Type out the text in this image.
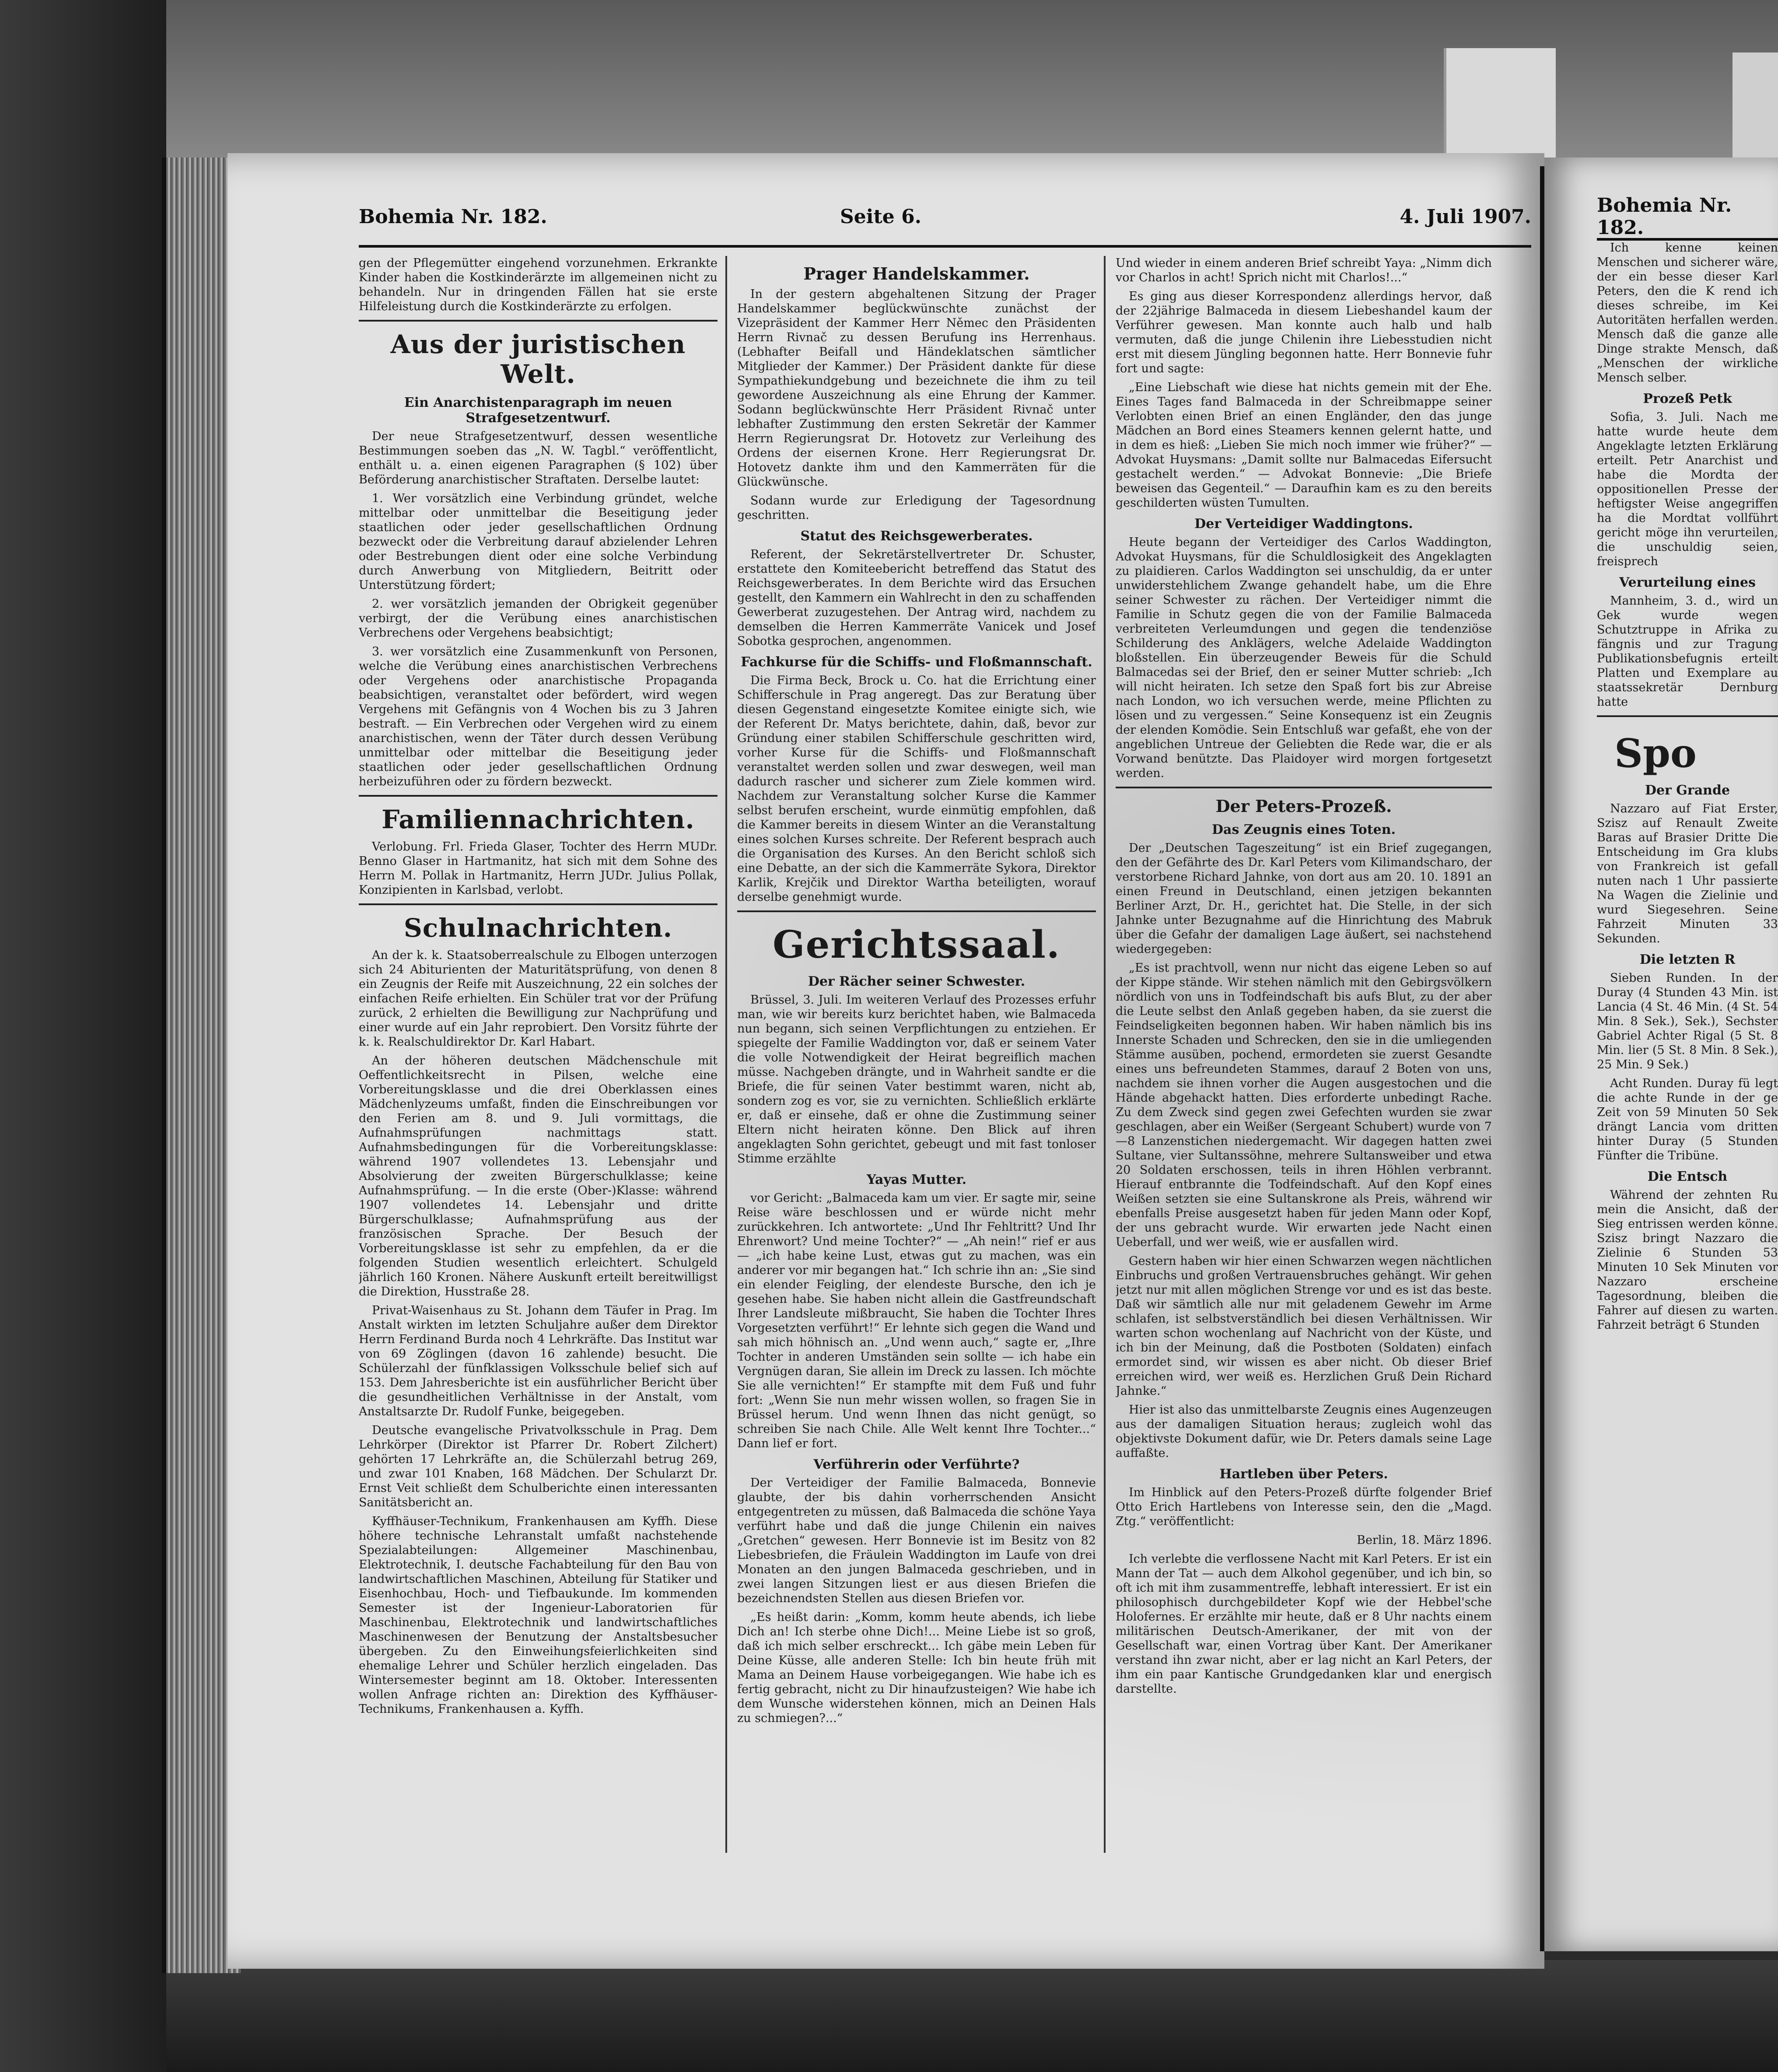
Bohemia Nr. 182.	Seite 6.	4. Juli 1907.

gen der Pflegemütter eingehend vorzunehmen. Erkrankte Kinder haben die Kostkinderärzte im allgemeinen nicht zu behandeln. Nur in dringenden Fällen hat sie erste Hilfeleistung durch die Kostkinderärzte zu erfolgen.

Aus der juristischen Welt.
Ein Anarchistenparagraph im neuen Strafgesetzentwurf.

Der neue Strafgesetzentwurf, dessen wesentliche Bestimmungen soeben das „N. W. Tagbl.“ veröffentlicht, enthält u. a. einen eigenen Paragraphen (§ 102) über Beförderung anarchistischer Straftaten. Derselbe lautet:

1. Wer vorsätzlich eine Verbindung gründet, welche mittelbar oder unmittelbar die Beseitigung jeder staatlichen oder jeder gesellschaftlichen Ordnung bezweckt oder die Verbreitung darauf abzielender Lehren oder Bestrebungen dient oder eine solche Verbindung durch Anwerbung von Mitgliedern, Beitritt oder Unterstützung fördert;

2. wer vorsätzlich jemanden der Obrigkeit gegenüber verbirgt, der die Verübung eines anarchistischen Verbrechens oder Vergehens beabsichtigt;

3. wer vorsätzlich eine Zusammenkunft von Personen, welche die Verübung eines anarchistischen Verbrechens oder Vergehens oder anarchistische Propaganda beabsichtigen, veranstaltet oder befördert, wird wegen Vergehens mit Gefängnis von 4 Wochen bis zu 3 Jahren bestraft. — Ein Verbrechen oder Vergehen wird zu einem anarchistischen, wenn der Täter durch dessen Verübung unmittelbar oder mittelbar die Beseitigung jeder staatlichen oder jeder gesellschaftlichen Ordnung herbeizuführen oder zu fördern bezweckt.

Familiennachrichten.

Verlobung. Frl. Frieda Glaser, Tochter des Herrn MUDr. Benno Glaser in Hartmanitz, hat sich mit dem Sohne des Herrn M. Pollak in Hartmanitz, Herrn JUDr. Julius Pollak, Konzipienten in Karlsbad, verlobt.

Schulnachrichten.

An der k. k. Staatsoberrealschule zu Elbogen unterzogen sich 24 Abiturienten der Maturitätsprüfung, von denen 8 ein Zeugnis der Reife mit Auszeichnung, 22 ein solches der einfachen Reife erhielten. Ein Schüler trat vor der Prüfung zurück, 2 erhielten die Bewilligung zur Nachprüfung und einer wurde auf ein Jahr reprobiert. Den Vorsitz führte der k. k. Realschuldirektor Dr. Karl Habart.

An der höheren deutschen Mädchenschule mit Oeffentlichkeitsrecht in Pilsen, welche eine Vorbereitungsklasse und die drei Oberklassen eines Mädchenlyzeums umfaßt, finden die Einschreibungen vor den Ferien am 8. und 9. Juli vormittags, die Aufnahmsprüfungen nachmittags statt. Aufnahmsbedingungen für die Vorbereitungsklasse: während 1907 vollendetes 13. Lebensjahr und Absolvierung der zweiten Bürgerschulklasse; keine Aufnahmsprüfung. — In die erste (Ober-)Klasse: während 1907 vollendetes 14. Lebensjahr und dritte Bürgerschulklasse; Aufnahmsprüfung aus der französischen Sprache. Der Besuch der Vorbereitungsklasse ist sehr zu empfehlen, da er die folgenden Studien wesentlich erleichtert. Schulgeld jährlich 160 Kronen. Nähere Auskunft erteilt bereitwilligst die Direktion, Husstraße 28.

Privat-Waisenhaus zu St. Johann dem Täufer in Prag. Im Anstalt wirkten im letzten Schuljahre außer dem Direktor Herrn Ferdinand Burda noch 4 Lehrkräfte. Das Institut war von 69 Zöglingen (davon 16 zahlende) besucht. Die Schülerzahl der fünfklassigen Volksschule belief sich auf 153. Dem Jahresberichte ist ein ausführlicher Bericht über die gesundheitlichen Verhältnisse in der Anstalt, vom Anstaltsarzte Dr. Rudolf Funke, beigegeben.

Deutsche evangelische Privatvolksschule in Prag. Dem Lehrkörper (Direktor ist Pfarrer Dr. Robert Zilchert) gehörten 17 Lehrkräfte an, die Schülerzahl betrug 269, und zwar 101 Knaben, 168 Mädchen. Der Schularzt Dr. Ernst Veit schließt dem Schulberichte einen interessanten Sanitätsbericht an.

Kyffhäuser-Technikum, Frankenhausen am Kyffh. Diese höhere technische Lehranstalt umfaßt nachstehende Spezialabteilungen: Allgemeiner Maschinenbau, Elektrotechnik, I. deutsche Fachabteilung für den Bau von landwirtschaftlichen Maschinen, Abteilung für Statiker und Eisenhochbau, Hoch- und Tiefbaukunde. Im kommenden Semester ist der Ingenieur-Laboratorien für Maschinenbau, Elektrotechnik und landwirtschaftliches Maschinenwesen der Benutzung der Anstaltsbesucher übergeben. Zu den Einweihungsfeierlichkeiten sind ehemalige Lehrer und Schüler herzlich eingeladen. Das Wintersemester beginnt am 18. Oktober. Interessenten wollen Anfrage richten an: Direktion des Kyffhäuser-Technikums, Frankenhausen a. Kyffh.

Prager Handelskammer.

In der gestern abgehaltenen Sitzung der Prager Handelskammer beglückwünschte zunächst der Vizepräsident der Kammer Herr Němec den Präsidenten Herrn Rivnač zu dessen Berufung ins Herrenhaus. (Lebhafter Beifall und Händeklatschen sämtlicher Mitglieder der Kammer.) Der Präsident dankte für diese Sympathiekundgebung und bezeichnete die ihm zu teil gewordene Auszeichnung als eine Ehrung der Kammer. Sodann beglückwünschte Herr Präsident Rivnač unter lebhafter Zustimmung den ersten Sekretär der Kammer Herrn Regierungsrat Dr. Hotovetz zur Verleihung des Ordens der eisernen Krone. Herr Regierungsrat Dr. Hotovetz dankte ihm und den Kammerräten für die Glückwünsche.

Sodann wurde zur Erledigung der Tagesordnung geschritten.

Statut des Reichsgewerberates.

Referent, der Sekretärstellvertreter Dr. Schuster, erstattete den Komiteebericht betreffend das Statut des Reichsgewerberates. In dem Berichte wird das Ersuchen gestellt, den Kammern ein Wahlrecht in den zu schaffenden Gewerberat zuzugestehen. Der Antrag wird, nachdem zu demselben die Herren Kammerräte Vanicek und Josef Sobotka gesprochen, angenommen.

Fachkurse für die Schiffs- und Floßmannschaft.

Die Firma Beck, Brock u. Co. hat die Errichtung einer Schifferschule in Prag angeregt. Das zur Beratung über diesen Gegenstand eingesetzte Komitee einigte sich, wie der Referent Dr. Matys berichtete, dahin, daß, bevor zur Gründung einer stabilen Schifferschule geschritten wird, vorher Kurse für die Schiffs- und Floßmannschaft veranstaltet werden sollen und zwar deswegen, weil man dadurch rascher und sicherer zum Ziele kommen wird. Nachdem zur Veranstaltung solcher Kurse die Kammer selbst berufen erscheint, wurde einmütig empfohlen, daß die Kammer bereits in diesem Winter an die Veranstaltung eines solchen Kurses schreite. Der Referent besprach auch die Organisation des Kurses. An den Bericht schloß sich eine Debatte, an der sich die Kammerräte Sykora, Direktor Karlik, Krejčik und Direktor Wartha beteiligten, worauf derselbe genehmigt wurde.

Gerichtssaal.
Der Rächer seiner Schwester.

Brüssel, 3. Juli. Im weiteren Verlauf des Prozesses erfuhr man, wie wir bereits kurz berichtet haben, wie Balmaceda nun begann, sich seinen Verpflichtungen zu entziehen. Er spiegelte der Familie Waddington vor, daß er seinem Vater die volle Notwendigkeit der Heirat begreiflich machen müsse. Nachgeben drängte, und in Wahrheit sandte er die Briefe, die für seinen Vater bestimmt waren, nicht ab, sondern zog es vor, sie zu vernichten. Schließlich erklärte er, daß er einsehe, daß er ohne die Zustimmung seiner Eltern nicht heiraten könne. Den Blick auf ihren angeklagten Sohn gerichtet, gebeugt und mit fast tonloser Stimme erzählte

Yayas Mutter.

vor Gericht: „Balmaceda kam um vier. Er sagte mir, seine Reise wäre beschlossen und er würde nicht mehr zurückkehren. Ich antwortete: „Und Ihr Fehltritt? Und Ihr Ehrenwort? Und meine Tochter?“ — „Ah nein!“ rief er aus — „ich habe keine Lust, etwas gut zu machen, was ein anderer vor mir begangen hat.“ Ich schrie ihn an: „Sie sind ein elender Feigling, der elendeste Bursche, den ich je gesehen habe. Sie haben nicht allein die Gastfreundschaft Ihrer Landsleute mißbraucht, Sie haben die Tochter Ihres Vorgesetzten verführt!“ Er lehnte sich gegen die Wand und sah mich höhnisch an. „Und wenn auch,“ sagte er, „Ihre Tochter in anderen Umständen sein sollte — ich habe ein Vergnügen daran, Sie allein im Dreck zu lassen. Ich möchte Sie alle vernichten!“ Er stampfte mit dem Fuß und fuhr fort: „Wenn Sie nun mehr wissen wollen, so fragen Sie in Brüssel herum. Und wenn Ihnen das nicht genügt, so schreiben Sie nach Chile. Alle Welt kennt Ihre Tochter...“ Dann lief er fort.

Verführerin oder Verführte?

Der Verteidiger der Familie Balmaceda, Bonnevie glaubte, der bis dahin vorherrschenden Ansicht entgegentreten zu müssen, daß Balmaceda die schöne Yaya verführt habe und daß die junge Chilenin ein naives „Gretchen“ gewesen. Herr Bonnevie ist im Besitz von 82 Liebesbriefen, die Fräulein Waddington im Laufe von drei Monaten an den jungen Balmaceda geschrieben, und in zwei langen Sitzungen liest er aus diesen Briefen die bezeichnendsten Stellen aus diesen Briefen vor.

„Es heißt darin: „Komm, komm heute abends, ich liebe Dich an! Ich sterbe ohne Dich!... Meine Liebe ist so groß, daß ich mich selber erschreckt... Ich gäbe mein Leben für Deine Küsse, alle anderen Stelle: Ich bin heute früh mit Mama an Deinem Hause vorbeigegangen. Wie habe ich es fertig gebracht, nicht zu Dir hinaufzusteigen? Wie habe ich dem Wunsche widerstehen können, mich an Deinen Hals zu schmiegen?...“

Und wieder in einem anderen Brief schreibt Yaya: „Nimm dich vor Charlos in acht! Sprich nicht mit Charlos!...“

Es ging aus dieser Korrespondenz allerdings hervor, daß der 22jährige Balmaceda in diesem Liebeshandel kaum der Verführer gewesen. Man konnte auch halb und halb vermuten, daß die junge Chilenin ihre Liebesstudien nicht erst mit diesem Jüngling begonnen hatte. Herr Bonnevie fuhr fort und sagte:

„Eine Liebschaft wie diese hat nichts gemein mit der Ehe. Eines Tages fand Balmaceda in der Schreibmappe seiner Verlobten einen Brief an einen Engländer, den das junge Mädchen an Bord eines Steamers kennen gelernt hatte, und in dem es hieß: „Lieben Sie mich noch immer wie früher?“ — Advokat Huysmans: „Damit sollte nur Balmacedas Eifersucht gestachelt werden.“ — Advokat Bonnevie: „Die Briefe beweisen das Gegenteil.“ — Daraufhin kam es zu den bereits geschilderten wüsten Tumulten.

Der Verteidiger Waddingtons.

Heute begann der Verteidiger des Carlos Waddington, Advokat Huysmans, für die Schuldlosigkeit des Angeklagten zu plaidieren. Carlos Waddington sei unschuldig, da er unter unwiderstehlichem Zwange gehandelt habe, um die Ehre seiner Schwester zu rächen. Der Verteidiger nimmt die Familie in Schutz gegen die von der Familie Balmaceda verbreiteten Verleumdungen und gegen die tendenziöse Schilderung des Anklägers, welche Adelaide Waddington bloßstellen. Ein überzeugender Beweis für die Schuld Balmacedas sei der Brief, den er seiner Mutter schrieb: „Ich will nicht heiraten. Ich setze den Spaß fort bis zur Abreise nach London, wo ich versuchen werde, meine Pflichten zu lösen und zu vergessen.“ Seine Konsequenz ist ein Zeugnis der elenden Komödie. Sein Entschluß war gefaßt, ehe von der angeblichen Untreue der Geliebten die Rede war, die er als Vorwand benützte. Das Plaidoyer wird morgen fortgesetzt werden.

Der Peters-Prozeß.
Das Zeugnis eines Toten.

Der „Deutschen Tageszeitung“ ist ein Brief zugegangen, den der Gefährte des Dr. Karl Peters vom Kilimandscharo, der verstorbene Richard Jahnke, von dort aus am 20. 10. 1891 an einen Freund in Deutschland, einen jetzigen bekannten Berliner Arzt, Dr. H., gerichtet hat. Die Stelle, in der sich Jahnke unter Bezugnahme auf die Hinrichtung des Mabruk über die Gefahr der damaligen Lage äußert, sei nachstehend wiedergegeben:

„Es ist prachtvoll, wenn nur nicht das eigene Leben so auf der Kippe stände. Wir stehen nämlich mit den Gebirgsvölkern nördlich von uns in Todfeindschaft bis aufs Blut, zu der aber die Leute selbst den Anlaß gegeben haben, da sie zuerst die Feindseligkeiten begonnen haben. Wir haben nämlich bis ins Innerste Schaden und Schrecken, den sie in die umliegenden Stämme ausüben, pochend, ermordeten sie zuerst Gesandte eines uns befreundeten Stammes, darauf 2 Boten von uns, nachdem sie ihnen vorher die Augen ausgestochen und die Hände abgehackt hatten. Dies erforderte unbedingt Rache. Zu dem Zweck sind gegen zwei Gefechten wurden sie zwar geschlagen, aber ein Weißer (Sergeant Schubert) wurde von 7—8 Lanzenstichen niedergemacht. Wir dagegen hatten zwei Sultane, vier Sultanssöhne, mehrere Sultansweiber und etwa 20 Soldaten erschossen, teils in ihren Höhlen verbrannt. Hierauf entbrannte die Todfeindschaft. Auf den Kopf eines Weißen setzten sie eine Sultanskrone als Preis, während wir ebenfalls Preise ausgesetzt haben für jeden Mann oder Kopf, der uns gebracht wurde. Wir erwarten jede Nacht einen Ueberfall, und wer weiß, wie er ausfallen wird.

Gestern haben wir hier einen Schwarzen wegen nächtlichen Einbruchs und großen Vertrauensbruches gehängt. Wir gehen jetzt nur mit allen möglichen Strenge vor und es ist das beste. Daß wir sämtlich alle nur mit geladenem Gewehr im Arme schlafen, ist selbstverständlich bei diesen Verhältnissen. Wir warten schon wochenlang auf Nachricht von der Küste, und ich bin der Meinung, daß die Postboten (Soldaten) einfach ermordet sind, wir wissen es aber nicht. Ob dieser Brief erreichen wird, wer weiß es. Herzlichen Gruß Dein Richard Jahnke.“

Hier ist also das unmittelbarste Zeugnis eines Augenzeugen aus der damaligen Situation heraus; zugleich wohl das objektivste Dokument dafür, wie Dr. Peters damals seine Lage auffaßte.

Hartleben über Peters.

Im Hinblick auf den Peters-Prozeß dürfte folgender Brief Otto Erich Hartlebens von Interesse sein, den die „Magd. Ztg.“ veröffentlicht:

Berlin, 18. März 1896.

Ich verlebte die verflossene Nacht mit Karl Peters. Er ist ein Mann der Tat — auch dem Alkohol gegenüber, und ich bin, so oft ich mit ihm zusammentreffe, lebhaft interessiert. Er ist ein philosophisch durchgebildeter Kopf wie der Hebbel'sche Holofernes. Er erzählte mir heute, daß er 8 Uhr nachts einem militärischen Deutsch-Amerikaner, der mit von der Gesellschaft war, einen Vortrag über Kant. Der Amerikaner verstand ihn zwar nicht, aber er lag nicht an Karl Peters, der ihm ein paar Kantische Grundgedanken klar und energisch darstellte.

Bohemia Nr. 182.

Ich kenne keinen Menschen und sicherer wäre, der ein besse dieser Karl Peters, den die K rend ich dieses schreibe, im Kei Autoritäten herfallen werden. Mensch daß die ganze alle Dinge strakte Mensch, daß „Menschen der wirkliche Mensch selber.

Prozeß Petk

Sofia, 3. Juli. Nach me hatte wurde heute dem Angeklagte letzten Erklärung erteilt. Petr Anarchist und habe die Mordta der oppositionellen Presse der heftigster Weise angegriffen ha die Mordtat vollführt gericht möge ihn verurteilen, die unschuldig seien, freisprech

Verurteilung eines

Mannheim, 3. d., wird un Gek wurde wegen Schutztruppe in Afrika zu fängnis und zur Tragung Publikationsbefugnis erteilt Platten und Exemplare au staatssekretär Dernburg hatte

Spo
Der Grande

Nazzaro auf Fiat Erster, Szisz auf Renault Zweite Baras auf Brasier Dritte Die Entscheidung im Gra klubs von Frankreich ist gefall nuten nach 1 Uhr passierte Na Wagen die Zielinie und wurd Siegesehren. Seine Fahrzeit Minuten 33 Sekunden.

Die letzten R

Sieben Runden. In der Duray (4 Stunden 43 Min. ist Lancia (4 St. 46 Min. (4 St. 54 Min. 8 Sek.), Sek.), Sechster Gabriel Achter Rigal (5 St. 8 Min. lier (5 St. 8 Min. 8 Sek.), 25 Min. 9 Sek.)

Acht Runden. Duray fü legt die achte Runde in der ge Zeit von 59 Minuten 50 Sek drängt Lancia vom dritten hinter Duray (5 Stunden Fünfter die Tribüne.

Die Entsch

Während der zehnten Ru mein die Ansicht, daß der Sieg entrissen werden könne. Szisz bringt Nazzaro die Zielinie 6 Stunden 53 Minuten 10 Sek Minuten vor Nazzaro erscheine Tagesordnung, bleiben die Fahrer auf diesen zu warten. Fahrzeit beträgt 6 Stunden
